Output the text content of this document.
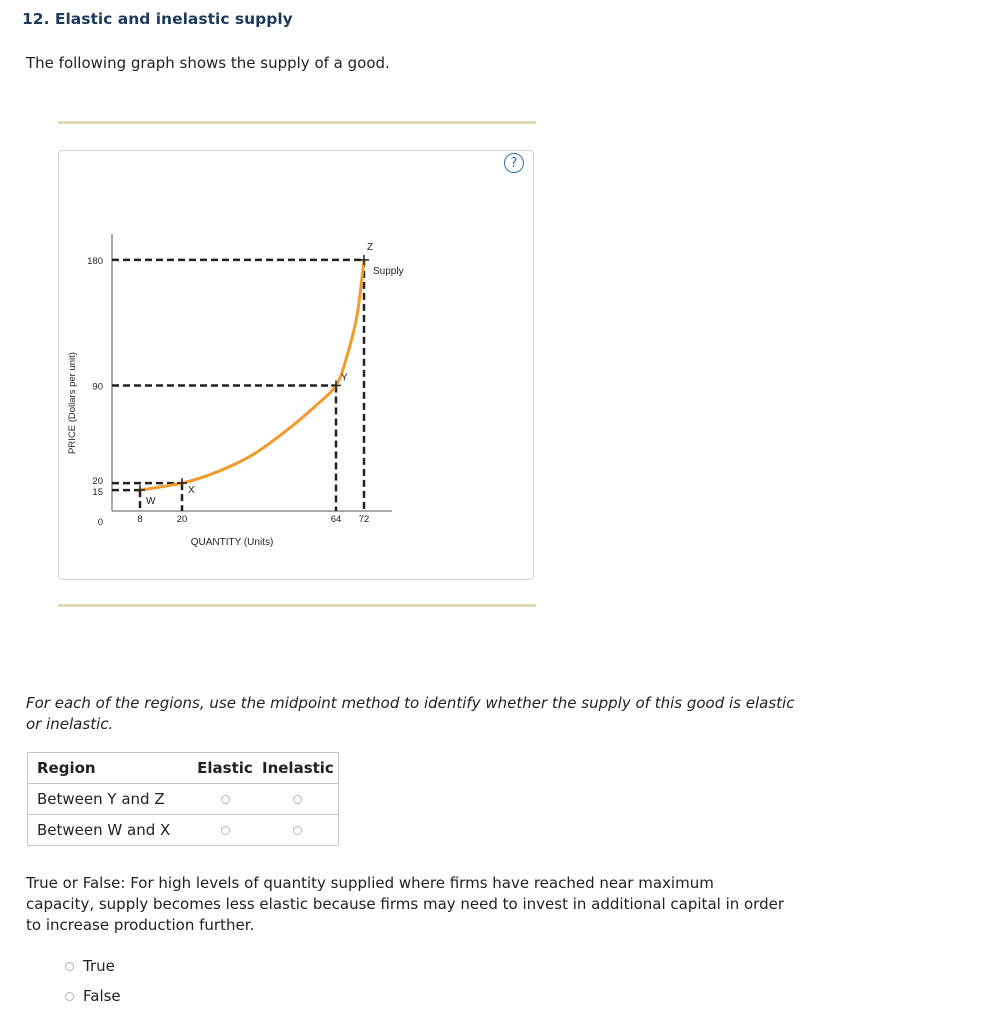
12. Elastic and inelastic supply
The following graph shows the supply of a good.
?
W
X
Y
Z
Supply
0
15
20
90
180
8	20	64 72
QUANTITY (Units)
PRICE (Dollars per unit)
For each of the regions, use the midpoint method to identify whether the supply of this good is elastic or inelastic.
Region	Elastic	Inelastic
Between Y and Z		
Between W and X		
True or False: For high levels of quantity supplied where firms have reached near maximum capacity, supply becomes less elastic because firms may need to invest in additional capital in order to increase production further.
True
False
